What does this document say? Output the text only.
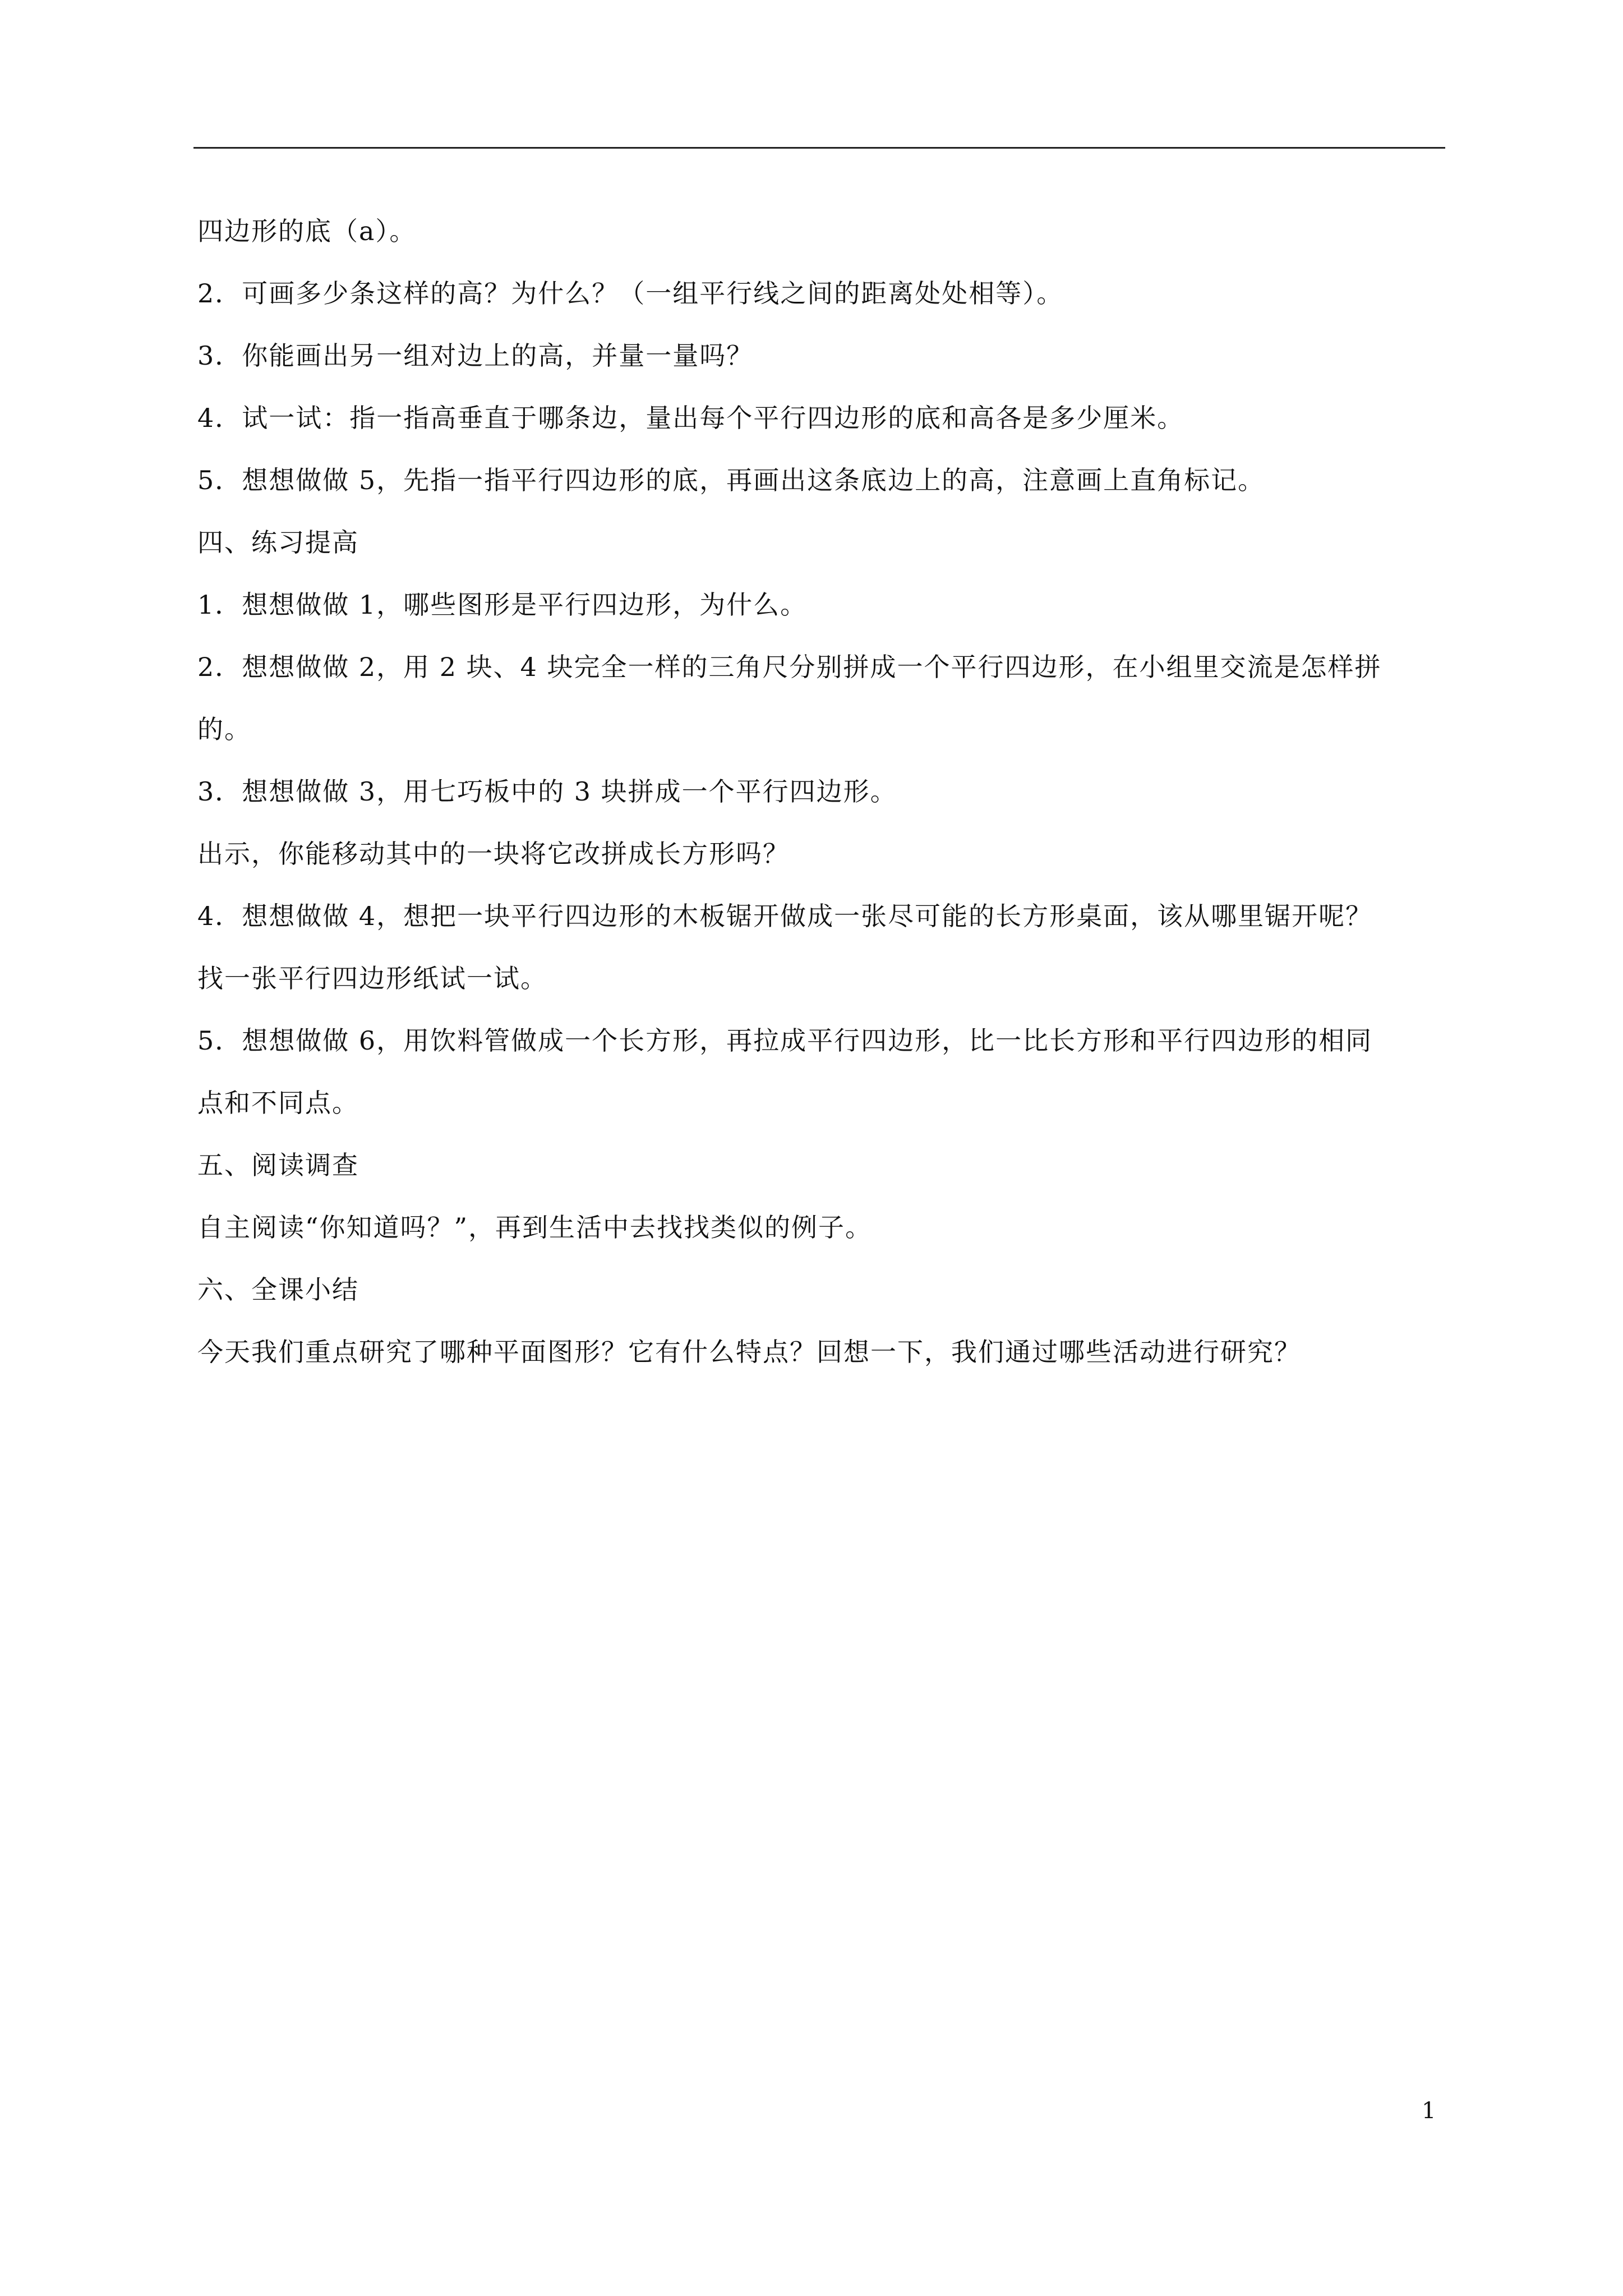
四边形的底（a）。
2．可画多少条这样的高？为什么？（一组平行线之间的距离处处相等）。
3．你能画出另一组对边上的高，并量一量吗？
4．试一试：指一指高垂直于哪条边，量出每个平行四边形的底和高各是多少厘米。
5．想想做做 5，先指一指平行四边形的底，再画出这条底边上的高，注意画上直角标记。
四、练习提高
1．想想做做 1，哪些图形是平行四边形，为什么。
2．想想做做 2，用 2 块、4 块完全一样的三角尺分别拼成一个平行四边形，在小组里交流是怎样拼
的。
3．想想做做 3，用七巧板中的 3 块拼成一个平行四边形。
出示，你能移动其中的一块将它改拼成长方形吗？
4．想想做做 4，想把一块平行四边形的木板锯开做成一张尽可能的长方形桌面，该从哪里锯开呢？
找一张平行四边形纸试一试。
5．想想做做 6，用饮料管做成一个长方形，再拉成平行四边形，比一比长方形和平行四边形的相同
点和不同点。
五、阅读调查
自主阅读“你知道吗？”，再到生活中去找找类似的例子。
六、全课小结
今天我们重点研究了哪种平面图形？它有什么特点？回想一下，我们通过哪些活动进行研究？
1
